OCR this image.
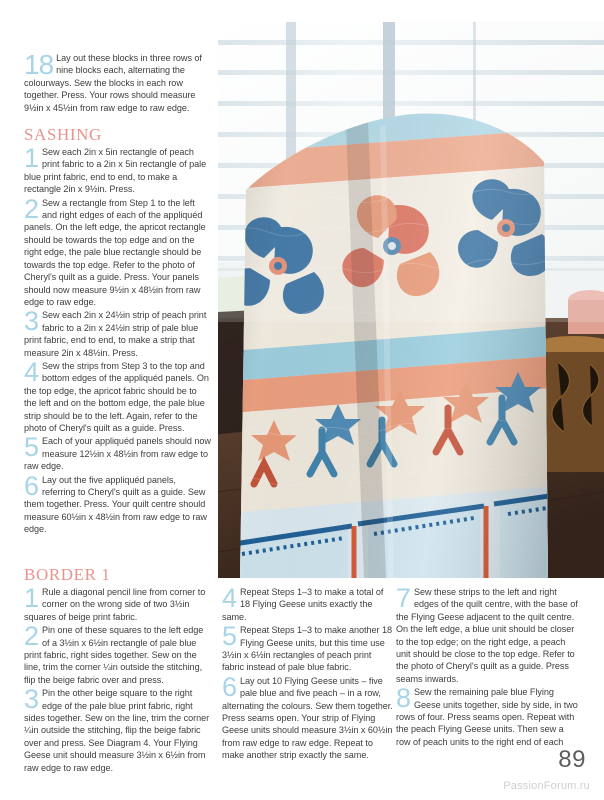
18 Lay out these blocks in three rows of nine blocks each, alternating the colourways. Sew the blocks in each row together. Press. Your rows should measure 9½in x 45½in from raw edge to raw edge.
SASHING
1 Sew each 2in x 5in rectangle of peach print fabric to a 2in x 5in rectangle of pale blue print fabric, end to end, to make a rectangle 2in x 9½in. Press.
2 Sew a rectangle from Step 1 to the left and right edges of each of the appliquéd panels. On the left edge, the apricot rectangle should be towards the top edge and on the right edge, the pale blue rectangle should be towards the top edge. Refer to the photo of Cheryl's quilt as a guide. Press. Your panels should now measure 9½in x 48½in from raw edge to raw edge.
3 Sew each 2in x 24½in strip of peach print fabric to a 2in x 24½in strip of pale blue print fabric, end to end, to make a strip that measure 2in x 48½in. Press.
4 Sew the strips from Step 3 to the top and bottom edges of the appliquéd panels. On the top edge, the apricot fabric should be to the left and on the bottom edge, the pale blue strip should be to the left. Again, refer to the photo of Cheryl's quilt as a guide. Press.
5 Each of your appliquéd panels should now measure 12½in x 48½in from raw edge to raw edge.
6 Lay out the five appliquéd panels, referring to Cheryl's quilt as a guide. Sew them together. Press. Your quilt centre should measure 60½in x 48½in from raw edge to raw edge.
BORDER 1
1 Rule a diagonal pencil line from corner to corner on the wrong side of two 3½in squares of beige print fabric.
2 Pin one of these squares to the left edge of a 3½in x 6½in rectangle of pale blue print fabric, right sides together. Sew on the line, trim the corner ¼in outside the stitching, flip the beige fabric over and press.
3 Pin the other beige square to the right edge of the pale blue print fabric, right sides together. Sew on the line, trim the corner ¼in outside the stitching, flip the beige fabric over and press. See Diagram 4. Your Flying Geese unit should measure 3½in x 6½in from raw edge to raw edge.
4 Repeat Steps 1–3 to make a total of 18 Flying Geese units exactly the same.
5 Repeat Steps 1–3 to make another 18 Flying Geese units, but this time use 3½in x 6½in rectangles of peach print fabric instead of pale blue fabric.
6 Lay out 10 Flying Geese units – five pale blue and five peach – in a row, alternating the colours. Sew them together. Press seams open. Your strip of Flying Geese units should measure 3½in x 60½in from raw edge to raw edge. Repeat to make another strip exactly the same.
7 Sew these strips to the left and right edges of the quilt centre, with the base of the Flying Geese adjacent to the quilt centre. On the left edge, a blue unit should be closer to the top edge; on the right edge, a peach unit should be close to the top edge. Refer to the photo of Cheryl's quilt as a guide. Press seams inwards.
8 Sew the remaining pale blue Flying Geese units together, side by side, in two rows of four. Press seams open. Repeat with the peach Flying Geese units. Then sew a row of peach units to the right end of each
89
PassionForum.ru
